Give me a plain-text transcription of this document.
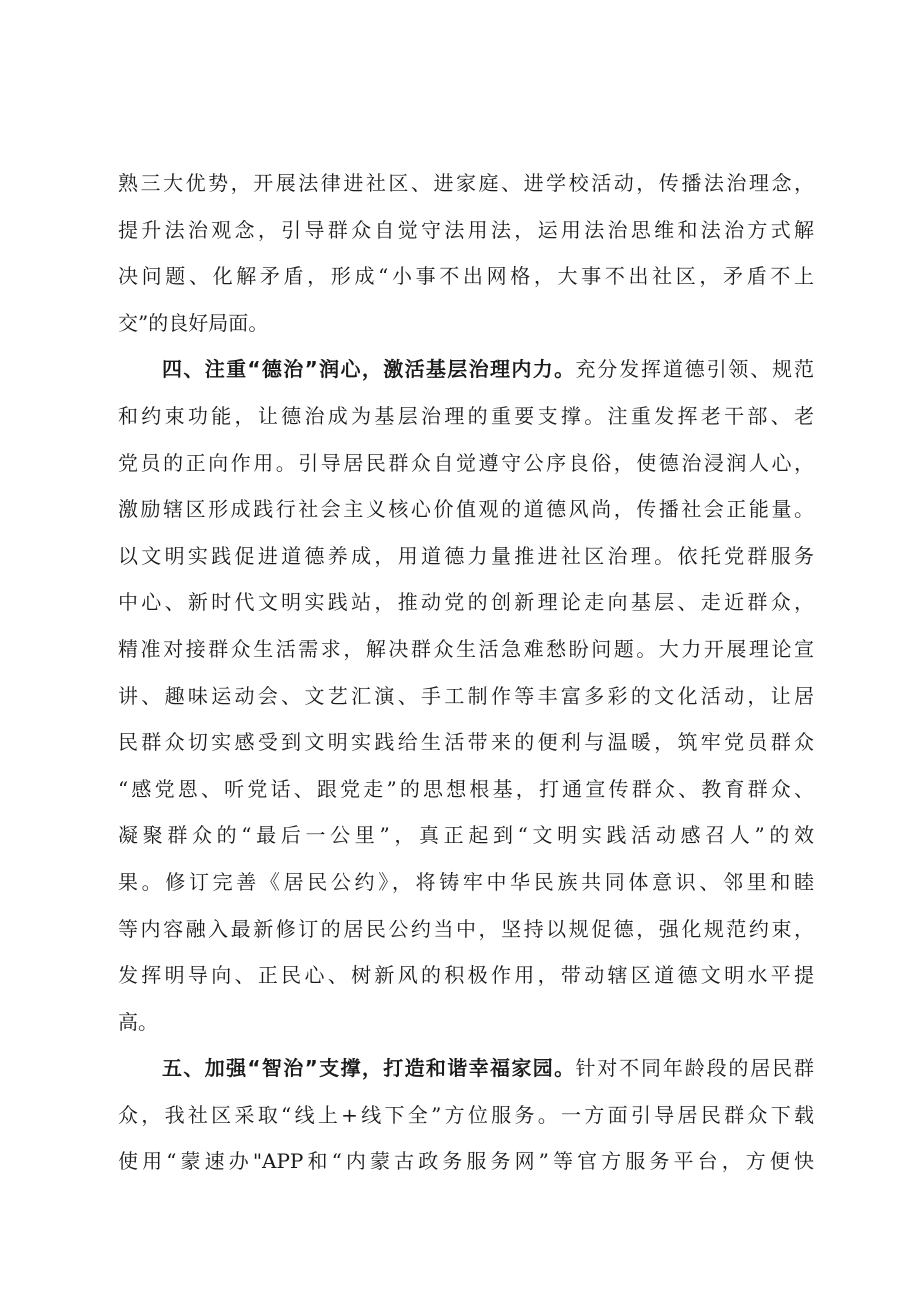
熟三大优势，开展法律进社区、进家庭、进学校活动，传播法治理念，
提升法治观念，引导群众自觉守法用法，运用法治思维和法治方式解
决问题、化解矛盾，形成“小事不出网格，大事不出社区，矛盾不上
交”的良好局面。
四、注重“德治”润心，激活基层治理内力。充分发挥道德引领、规范
和约束功能，让德治成为基层治理的重要支撑。注重发挥老干部、老
党员的正向作用。引导居民群众自觉遵守公序良俗，使德治浸润人心，
激励辖区形成践行社会主义核心价值观的道德风尚，传播社会正能量。
以文明实践促进道德养成，用道德力量推进社区治理。依托党群服务
中心、新时代文明实践站，推动党的创新理论走向基层、走近群众，
精准对接群众生活需求，解决群众生活急难愁盼问题。大力开展理论宣
讲、趣味运动会、文艺汇演、手工制作等丰富多彩的文化活动，让居
民群众切实感受到文明实践给生活带来的便利与温暖，筑牢党员群众
“感党恩、听党话、跟党走”的思想根基，打通宣传群众、教育群众、
凝聚群众的“最后一公里”，真正起到“文明实践活动感召人”的效
果。修订完善《居民公约》，将铸牢中华民族共同体意识、邻里和睦
等内容融入最新修订的居民公约当中，坚持以规促德，强化规范约束，
发挥明导向、正民心、树新风的积极作用，带动辖区道德文明水平提
高。
五、加强“智治”支撑，打造和谐幸福家园。针对不同年龄段的居民群
众，我社区采取“线上+线下全”方位服务。一方面引导居民群众下载
使用“蒙速办"APP和“内蒙古政务服务网”等官方服务平台，方便快
